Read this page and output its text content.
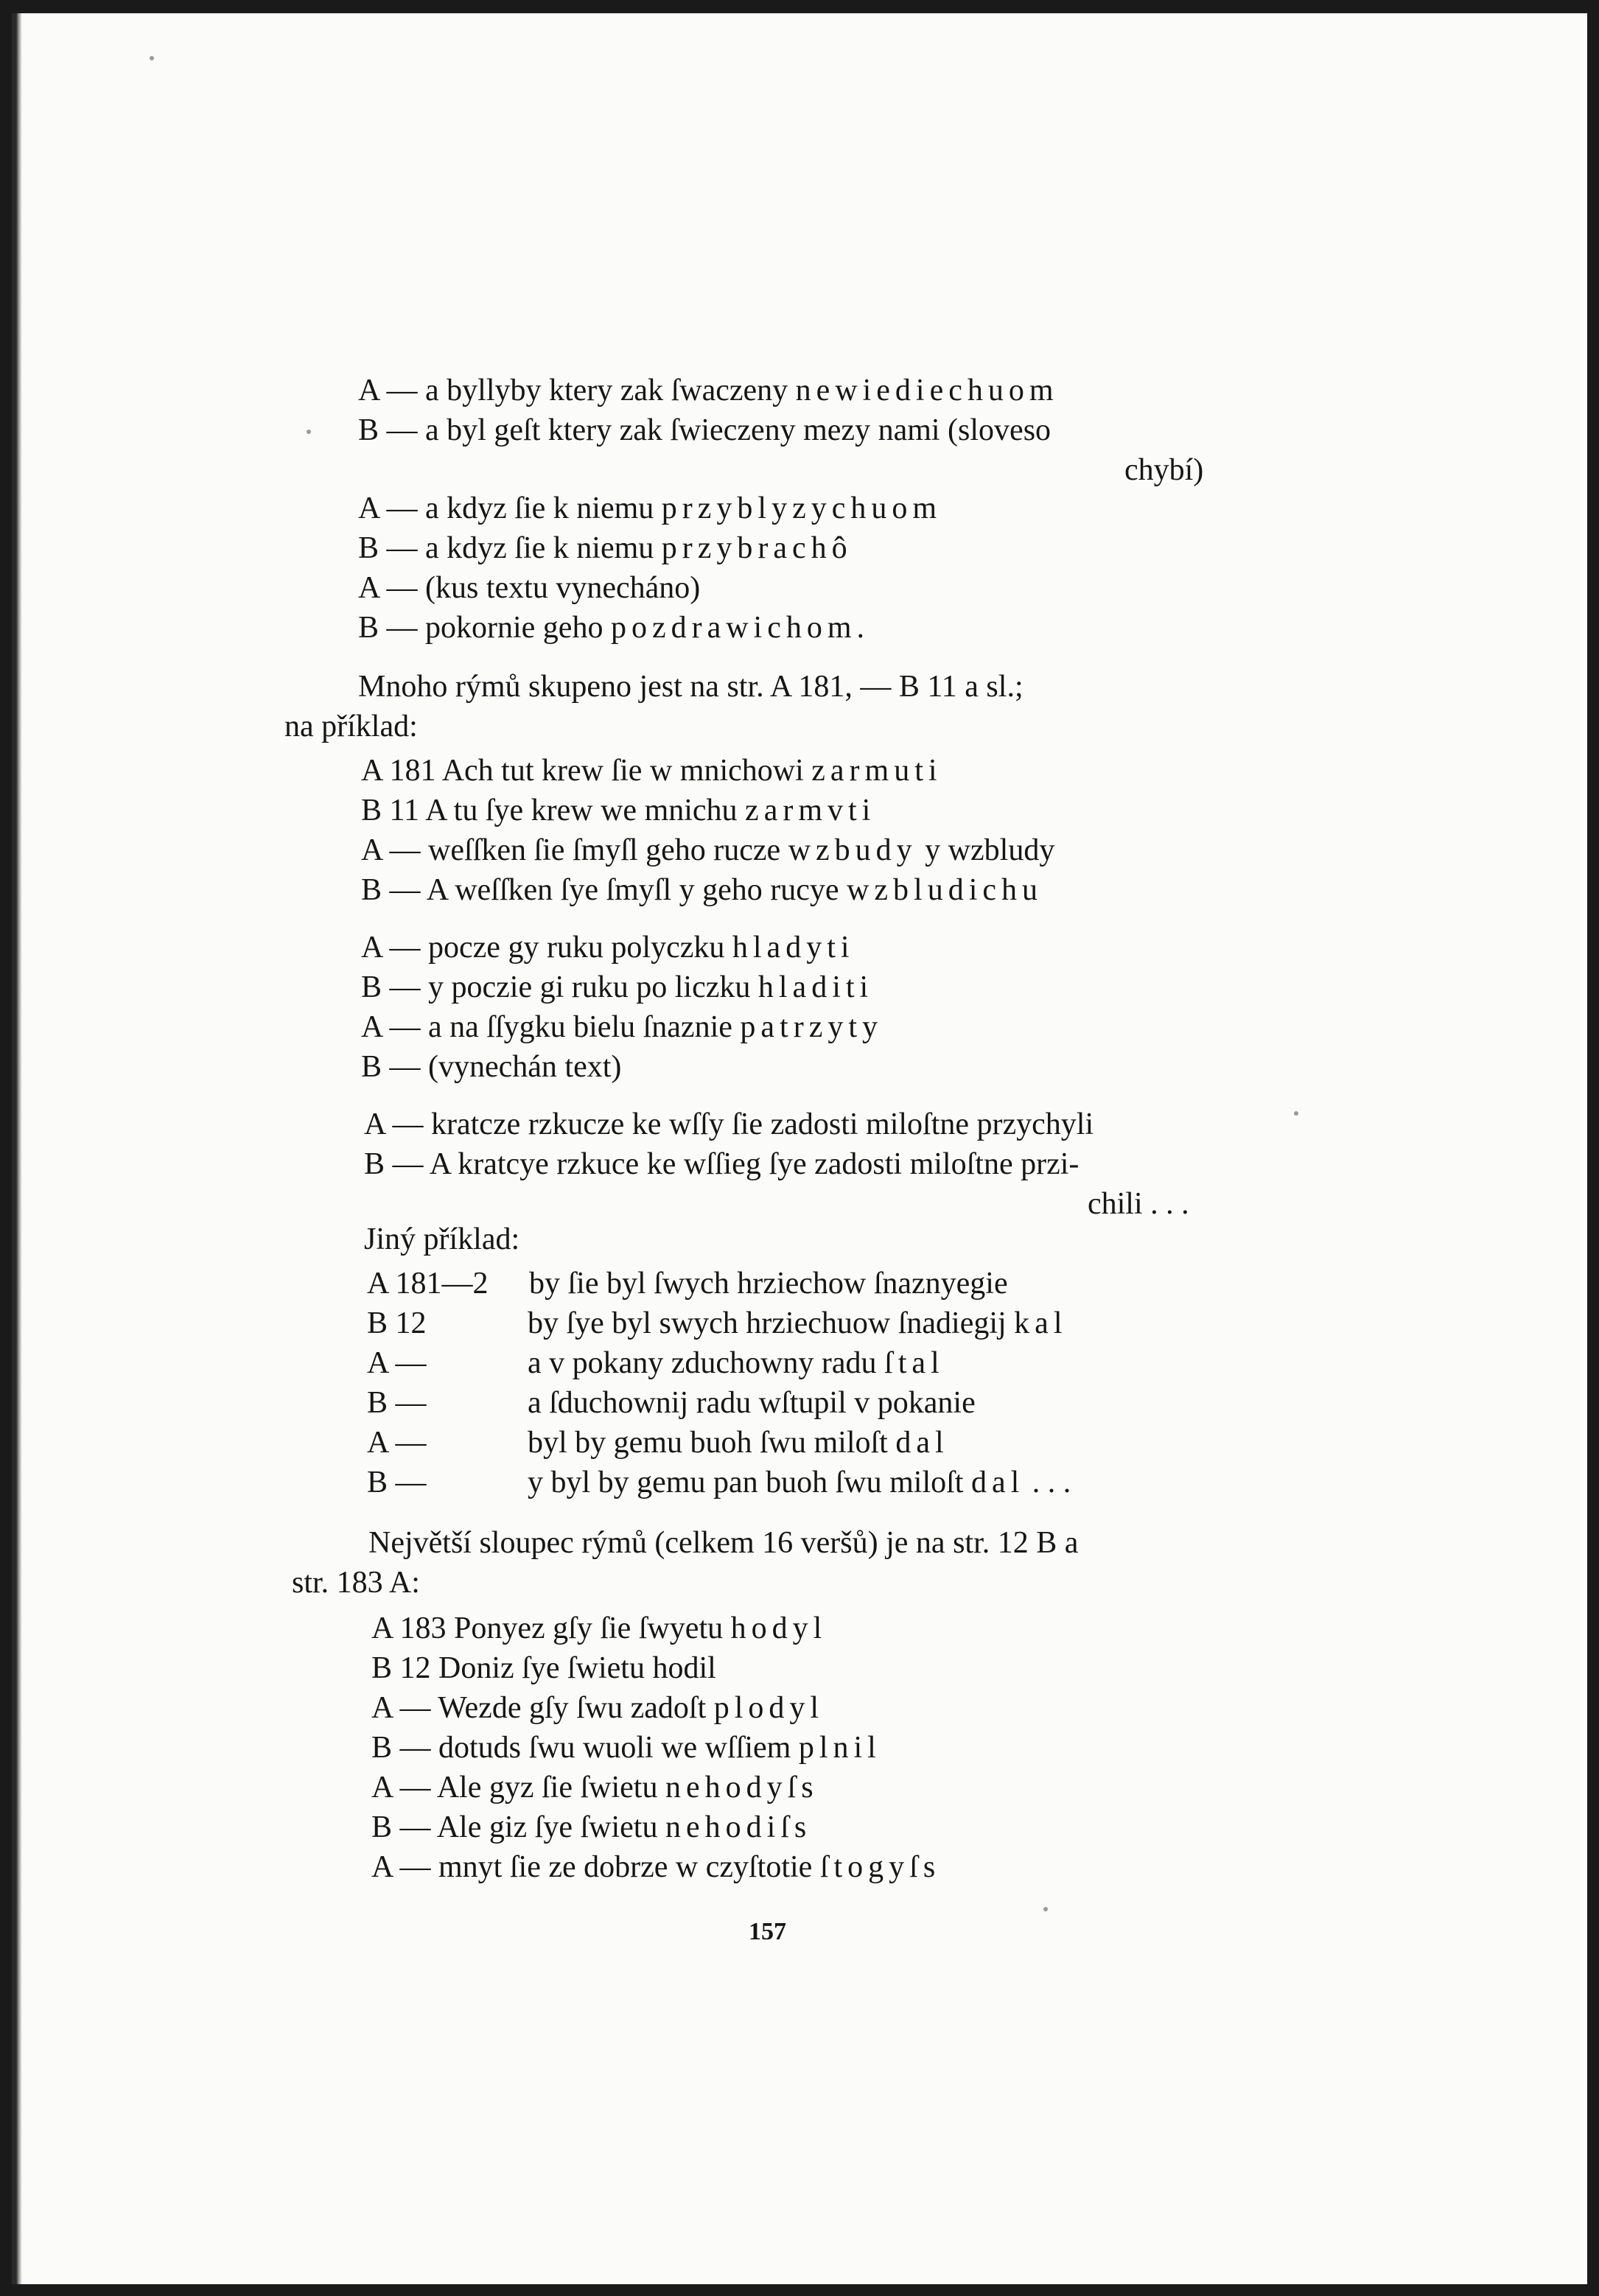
A — a byllyby ktery zak ſwaczeny newiediechuom
B — a byl geſt ktery zak ſwieczeny mezy nami (sloveso
chybí)
A — a kdyz ſie k niemu przyblyzychuom
B — a kdyz ſie k niemu przybrachô
A — (kus textu vynecháno)
B — pokornie geho pozdrawichom.
Mnoho rýmů skupeno jest na str. A 181, — B 11 a sl.;
na příklad:
A 181 Ach tut krew ſie w mnichowi zarmuti
B 11 A tu ſye krew we mnichu zarmvti
A — weſſken ſie ſmyſl geho rucze wzbudy y wzbludy
B — A weſſken ſye ſmyſl y geho rucye wzbludichu
A — pocze gy ruku polyczku hladyti
B — y poczie gi ruku po liczku hladiti
A — a na ſſygku bielu ſnaznie patrzyty
B — (vynechán text)
A — kratcze rzkucze ke wſſy ſie zadosti miloſtne przychyli
B — A kratcye rzkuce ke wſſieg ſye zadosti miloſtne przi-
chili . . .
Jiný příklad:
A 181—2 by ſie byl ſwych hrziechow ſnaznyegie
B 12
A —
B —
A —
B —
by ſye byl swych hrziechuow ſnadiegij kal
a v pokany zduchowny radu ſtal
a ſduchownij radu wſtupil v pokanie
byl by gemu buoh ſwu miloſt dal
y byl by gemu pan buoh ſwu miloſt dal . . .
Největší sloupec rýmů (celkem 16 veršů) je na str. 12 B a
str. 183 A:
A 183 Ponyez gſy ſie ſwyetu hodyl
B 12 Doniz ſye ſwietu hodil
A — Wezde gſy ſwu zadoſt plodyl
B — dotuds ſwu wuoli we wſſiem plnil
A — Ale gyz ſie ſwietu nehodyſs
B — Ale giz ſye ſwietu nehodiſs
A — mnyt ſie ze dobrze w czyſtotie ſtogyſs
157
